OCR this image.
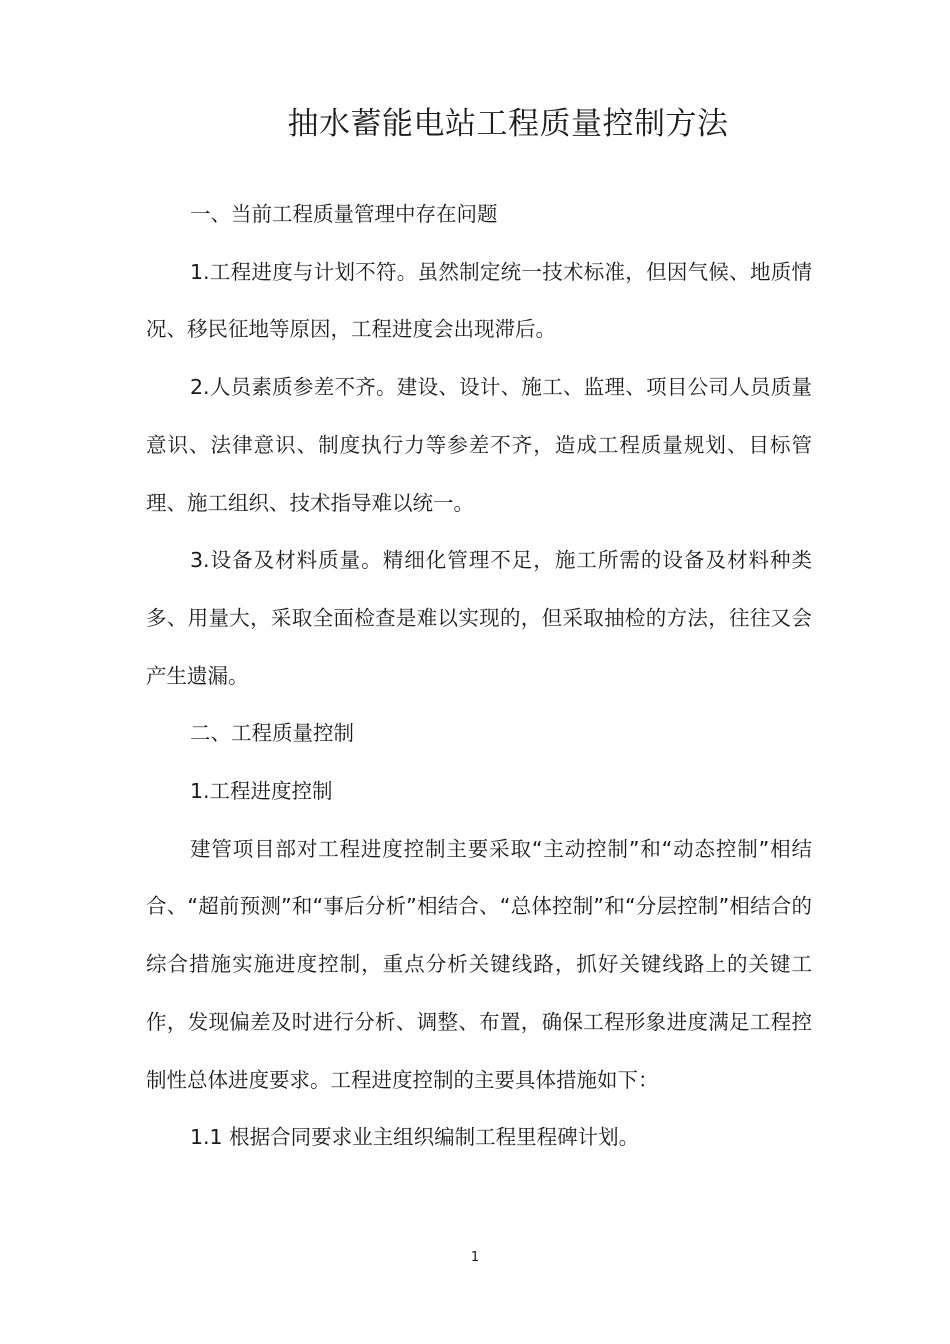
抽水蓄能电站工程质量控制方法

一、当前工程质量管理中存在问题

1.工程进度与计划不符。虽然制定统一技术标准，但因气候、地质情况、移民征地等原因，工程进度会出现滞后。

2.人员素质参差不齐。建设、设计、施工、监理、项目公司人员质量意识、法律意识、制度执行力等参差不齐，造成工程质量规划、目标管理、施工组织、技术指导难以统一。

3.设备及材料质量。精细化管理不足，施工所需的设备及材料种类多、用量大，采取全面检查是难以实现的，但采取抽检的方法，往往又会产生遗漏。

二、工程质量控制

1.工程进度控制

建管项目部对工程进度控制主要采取“主动控制”和“动态控制”相结合、“超前预测”和“事后分析”相结合、“总体控制”和“分层控制”相结合的综合措施实施进度控制，重点分析关键线路，抓好关键线路上的关键工作，发现偏差及时进行分析、调整、布置，确保工程形象进度满足工程控制性总体进度要求。工程进度控制的主要具体措施如下：

1.1 根据合同要求业主组织编制工程里程碑计划。

1
